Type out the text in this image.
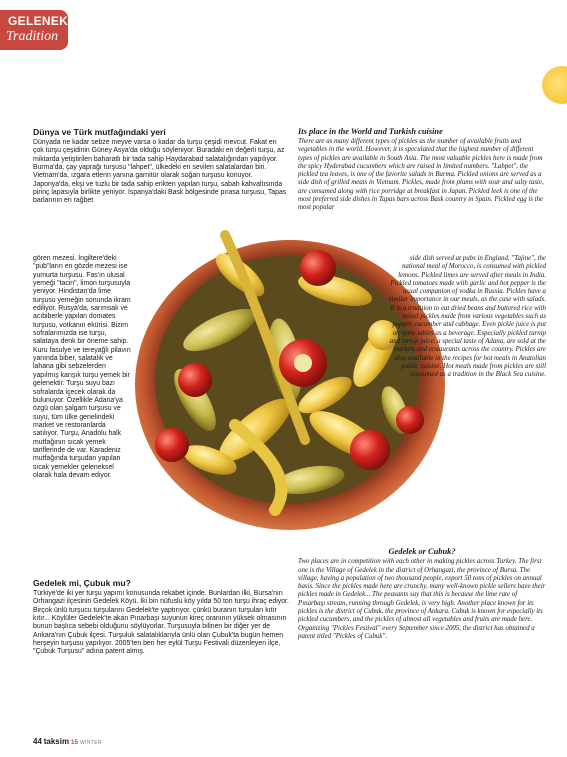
GELENEK
Tradition
Dünya ve Türk mutfağındaki yeri

Dünyada ne kadar sebze meyve varsa o kadar da turşu çeşidi mevcut. Fakat en çok turşu çeşidinin Güney Asya'da olduğu söyleniyor. Buradaki en değerli turşu, az miktarda yetiştirilen baharatlı bir tada sahip Haydarabad salatalığından yapılıyor. Burma'da, çay yaprağı turşusu "lahpet", ülkedeki en sevilen salatalardan biri. Vietnam'da, ızgara etlerin yanına garnitür olarak soğan turşusu konuyor. Japonya'da, ekşi ve tuzlu bir tada sahip erikten yapılan turşu, sabah kahvaltısında pirinç lapasıyla birlikte yeniyor. İspanya'daki Bask bölgesinde pırasa turşusu, Tapas barlarının en rağbet

gören mezesi. İngiltere'deki "pub"ların en gözde mezesi ise yumurta turşusu. Fas'ın ulusal yemeği "tacin", limon turşusuyla yeniyor. Hindistan'da lime turşusu yemeğin sonunda ikram ediliyor. Rusya'da, sarımsak ve acıbiberle yapılan domates turşusu, votkanın ekürisi. Bizim sofralarımızda ise turşu, salataya denk bir öneme sahip. Kuru fasulye ve tereyağlı pilavın yanında biber, salatalık ve lahana gibi sebzelerden yapılmış karışık turşu yemek bir gelenektir. Turşu suyu bazı sofralarda içecek olarak da bulunuyor. Özellikle Adana'ya özgü olan şalgam turşusu ve suyu, tüm ülke genelindeki market ve restoranlarda satılıyor. Turşu, Anadolu halk mutfağının sıcak yemek tariflerinde de var. Karadeniz mutfağında turşudan yapılan sıcak yemekler geleneksel olarak hala devam ediyor.

Gedelek mi, Çubuk mu?

Türkiye'de iki yer turşu yapımı konusunda rekabet içinde. Bunlardan ilki, Bursa'nın Orhangazi ilçesinin Gedelek Köyü. İki bin nüfuslu köy yılda 50 ton turşu ihraç ediyor. Birçok ünlü turşucu turşularını Gedelek'te yaptırıyor, çünkü buranın turşuları kıtır kıtır... Köylüler Gedelek'te akan Pınarbaşı suyunun kireç oranının yüksek olmasının bunun başlıca sebebi olduğunu söylüyorlar. Turşusuyla bilinen bir diğer yer de Ankara'nın Çubuk ilçesi. Turşuluk salatalıklarıyla ünlü olan Çubuk'ta bugün hemen herşeyin turşusu yapılıyor. 2005'ten beri her eylül Turşu Festivali düzenleyen ilçe, "Çubuk Turşusu" adına patent almış.

Its place in the World and Turkish cuisine

There are as many different types of pickles as the number of available fruits and vegetables in the world. However, it is speculated that the highest number of different types of pickles are available in South Asia. The most valuable pickles here is made from the spicy Hyderabad cucumbers which are raised in limited numbers. "Lahpet", the pickled tea leaves, is one of the favorite salads in Burma. Pickled onions are served as a side dish of grilled meats in Vietnam. Pickles, made from plums with sour and salty taste, are consumed along with rice porridge at breakfast in Japan. Pickled leek is one of the most preferred side dishes in Tapas bars across Bask country in Spain. Pickled egg is the most popular

side dish served at pubs in England. "Tajine", the national meal of Morocco, is consumed with pickled lemons. Pickled limes are served after meals in India. Pickled tomatoes made with garlic and hot pepper is the usual companion of vodka in Russia. Pickles have a similar importance in our meals, as the case with salads. It is a tradition to eat dried beans and buttered rice with mixed pickles made from various vegetables such as pepper, cucumber and cabbage. Even pickle juice is put on some tables as a beverage. Especially pickled turnip and turnip juice, a special taste of Adana, are sold at the markets and restaurants across the country. Pickles are also available in the recipes for hot meals in Anatolian public cuisine. Hot meals made from pickles are still consumed as a tradition in the Black Sea cuisine.

Gedelek or Cubuk?

Two places are in competition with each other in making pickles across Turkey. The first one is the Village of Gedelek in the district of Orhangazi, the province of Bursa. The village, having a population of two thousand people, export 50 tons of pickles on annual basis. Since the pickles made here are crunchy, many well-known pickle sellers have their pickles made in Gedelek... The peasants say that this is because the lime rate of Pınarbaşı stream, running through Gedelek, is very high. Another place known for its pickles is the district of Cubuk, the province of Ankara. Cubuk is known for especially its pickled cucumbers, and the pickles of almost all vegetables and fruits are made here. Organizing "Pickles Festival" every September since 2005, the district has obtained a patent titled "Pickles of Cubuk".

44 taksim 15 WINTER
